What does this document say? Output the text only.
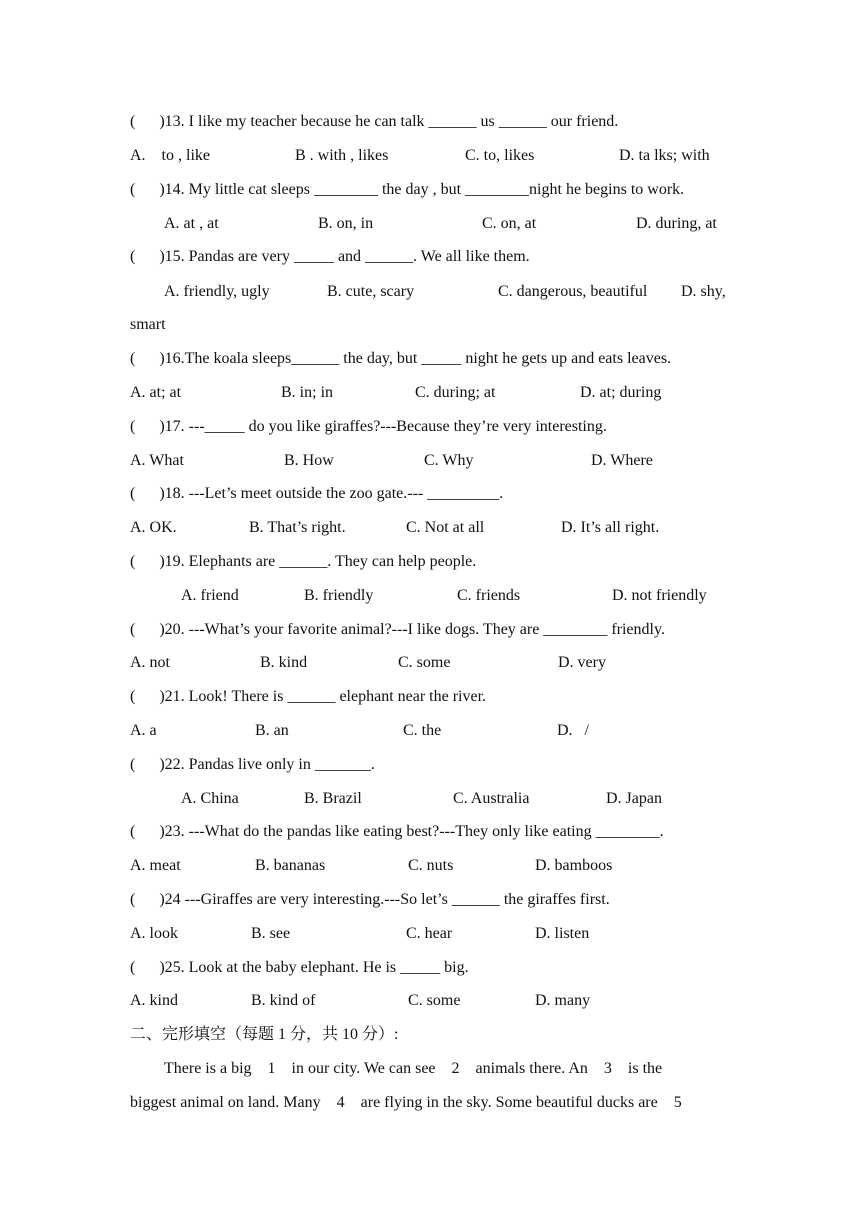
(      )13. I like my teacher because he can talk ______ us ______ our friend.
A.    to , like	B . with , likes	C. to, likes	D. ta lks; with
(      )14. My little cat sleeps ________ the day , but ________night he begins to work.
A. at , at	B. on, in	C. on, at	D. during, at
(      )15. Pandas are very _____ and ______. We all like them.
A. friendly, ugly	B. cute, scary	C. dangerous, beautiful D. shy,
smart
(      )16.The koala sleeps______ the day, but _____ night he gets up and eats leaves.
A. at; at	B. in; in	C. during; at	D. at; during
(      )17. ---_____ do you like giraffes?---Because they’re very interesting.
A. What	B. How	C. Why	D. Where
(      )18. ---Let’s meet outside the zoo gate.--- _________.
A. OK.	B. That’s right.	C. Not at all	D. It’s all right.
(      )19. Elephants are ______. They can help people.
A. friend	B. friendly	C. friends	D. not friendly
(      )20. ---What’s your favorite animal?---I like dogs. They are ________ friendly.
A. not	B. kind	C. some	D. very
(      )21. Look! There is ______ elephant near the river.
A. a	B. an	C. the	D.   /
(      )22. Pandas live only in _______.
A. China	B. Brazil	C. Australia	D. Japan
(      )23. ---What do the pandas like eating best?---They only like eating ________.
A. meat	B. bananas	C. nuts	D. bamboos
(      )24 ---Giraffes are very interesting.---So let’s ______ the giraffes first.
A. look	B. see	C. hear	D. listen
(      )25. Look at the baby elephant. He is _____ big.
A. kind	B. kind of	C. some	D. many
二、完形填空（每题 1 分，共 10 分）:
There is a big    1    in our city. We can see    2    animals there. An    3    is the
biggest animal on land. Many    4    are flying in the sky. Some beautiful ducks are    5
